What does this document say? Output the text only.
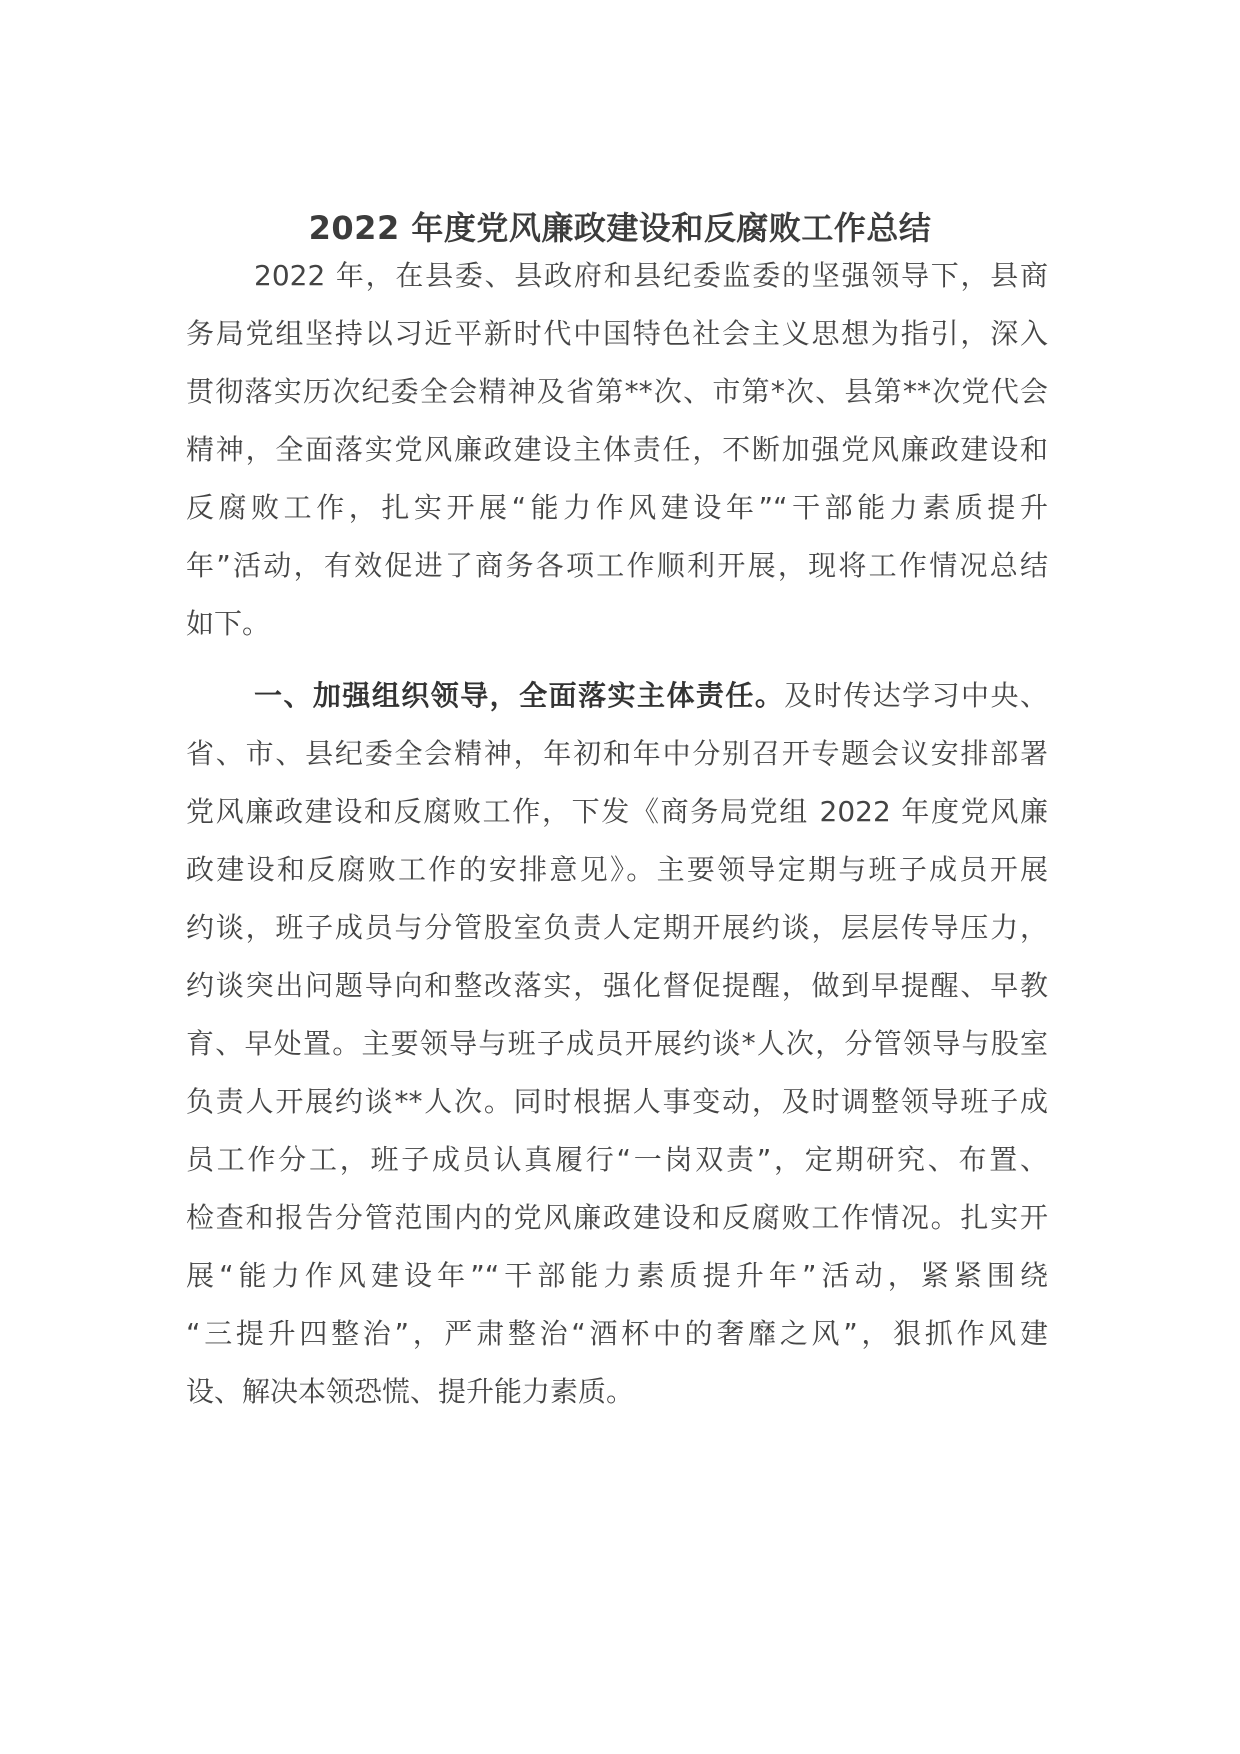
2022 年度党风廉政建设和反腐败工作总结
2022 年，在县委、县政府和县纪委监委的坚强领导下，县商
务局党组坚持以习近平新时代中国特色社会主义思想为指引，深入
贯彻落实历次纪委全会精神及省第**次、市第*次、县第**次党代会
精神，全面落实党风廉政建设主体责任，不断加强党风廉政建设和
反腐败工作，扎实开展“能力作风建设年”“干部能力素质提升
年”活动，有效促进了商务各项工作顺利开展，现将工作情况总结
如下。
一、加强组织领导，全面落实主体责任。及时传达学习中央、
省、市、县纪委全会精神，年初和年中分别召开专题会议安排部署
党风廉政建设和反腐败工作，下发《商务局党组 2022 年度党风廉
政建设和反腐败工作的安排意见》。主要领导定期与班子成员开展
约谈，班子成员与分管股室负责人定期开展约谈，层层传导压力，
约谈突出问题导向和整改落实，强化督促提醒，做到早提醒、早教
育、早处置。主要领导与班子成员开展约谈*人次，分管领导与股室
负责人开展约谈**人次。同时根据人事变动，及时调整领导班子成
员工作分工，班子成员认真履行“一岗双责”，定期研究、布置、
检查和报告分管范围内的党风廉政建设和反腐败工作情况。扎实开
展“能力作风建设年”“干部能力素质提升年”活动，紧紧围绕
“三提升四整治”，严肃整治“酒杯中的奢靡之风”，狠抓作风建
设、解决本领恐慌、提升能力素质。
